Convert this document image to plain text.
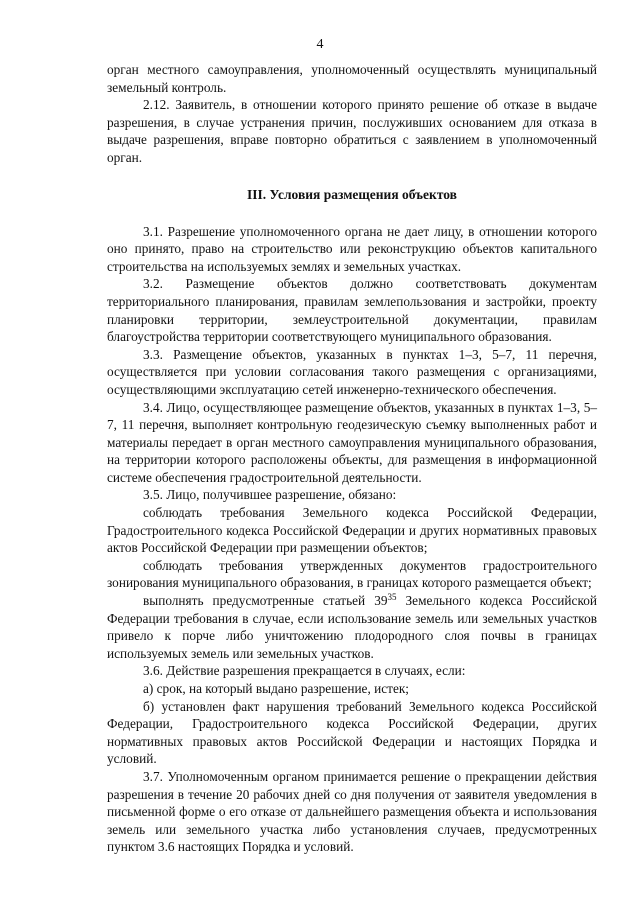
4

орган местного самоуправления, уполномоченный осуществлять муниципальный земельный контроль.

2.12. Заявитель, в отношении которого принято решение об отказе в выдаче разрешения, в случае устранения причин, послуживших основанием для отказа в выдаче разрешения, вправе повторно обратиться с заявлением в уполномоченный орган.

III. Условия размещения объектов

3.1. Разрешение уполномоченного органа не дает лицу, в отношении которого оно принято, право на строительство или реконструкцию объектов капитального строительства на используемых землях и земельных участках.

3.2. Размещение объектов должно соответствовать документам территориального планирования, правилам землепользования и застройки, проекту планировки территории, землеустроительной документации, правилам благоустройства территории соответствующего муниципального образования.

3.3. Размещение объектов, указанных в пунктах 1–3, 5–7, 11 перечня, осуществляется при условии согласования такого размещения с организациями, осуществляющими эксплуатацию сетей инженерно-технического обеспечения.

3.4. Лицо, осуществляющее размещение объектов, указанных в пунктах 1–3, 5–7, 11 перечня, выполняет контрольную геодезическую съемку выполненных работ и материалы передает в орган местного самоуправления муниципального образования, на территории которого расположены объекты, для размещения в информационной системе обеспечения градостроительной деятельности.

3.5. Лицо, получившее разрешение, обязано:

соблюдать требования Земельного кодекса Российской Федерации, Градостроительного кодекса Российской Федерации и других нормативных правовых актов Российской Федерации при размещении объектов;

соблюдать требования утвержденных документов градостроительного зонирования муниципального образования, в границах которого размещается объект;

выполнять предусмотренные статьей $39^{35}$ Земельного кодекса Российской Федерации требования в случае, если использование земель или земельных участков привело к порче либо уничтожению плодородного слоя почвы в границах используемых земель или земельных участков.

3.6. Действие разрешения прекращается в случаях, если:

а) срок, на который выдано разрешение, истек;

б) установлен факт нарушения требований Земельного кодекса Российской Федерации, Градостроительного кодекса Российской Федерации, других нормативных правовых актов Российской Федерации и настоящих Порядка и условий.

3.7. Уполномоченным органом принимается решение о прекращении действия разрешения в течение 20 рабочих дней со дня получения от заявителя уведомления в письменной форме о его отказе от дальнейшего размещения объекта и использования земель или земельного участка либо установления случаев, предусмотренных пунктом 3.6 настоящих Порядка и условий.
